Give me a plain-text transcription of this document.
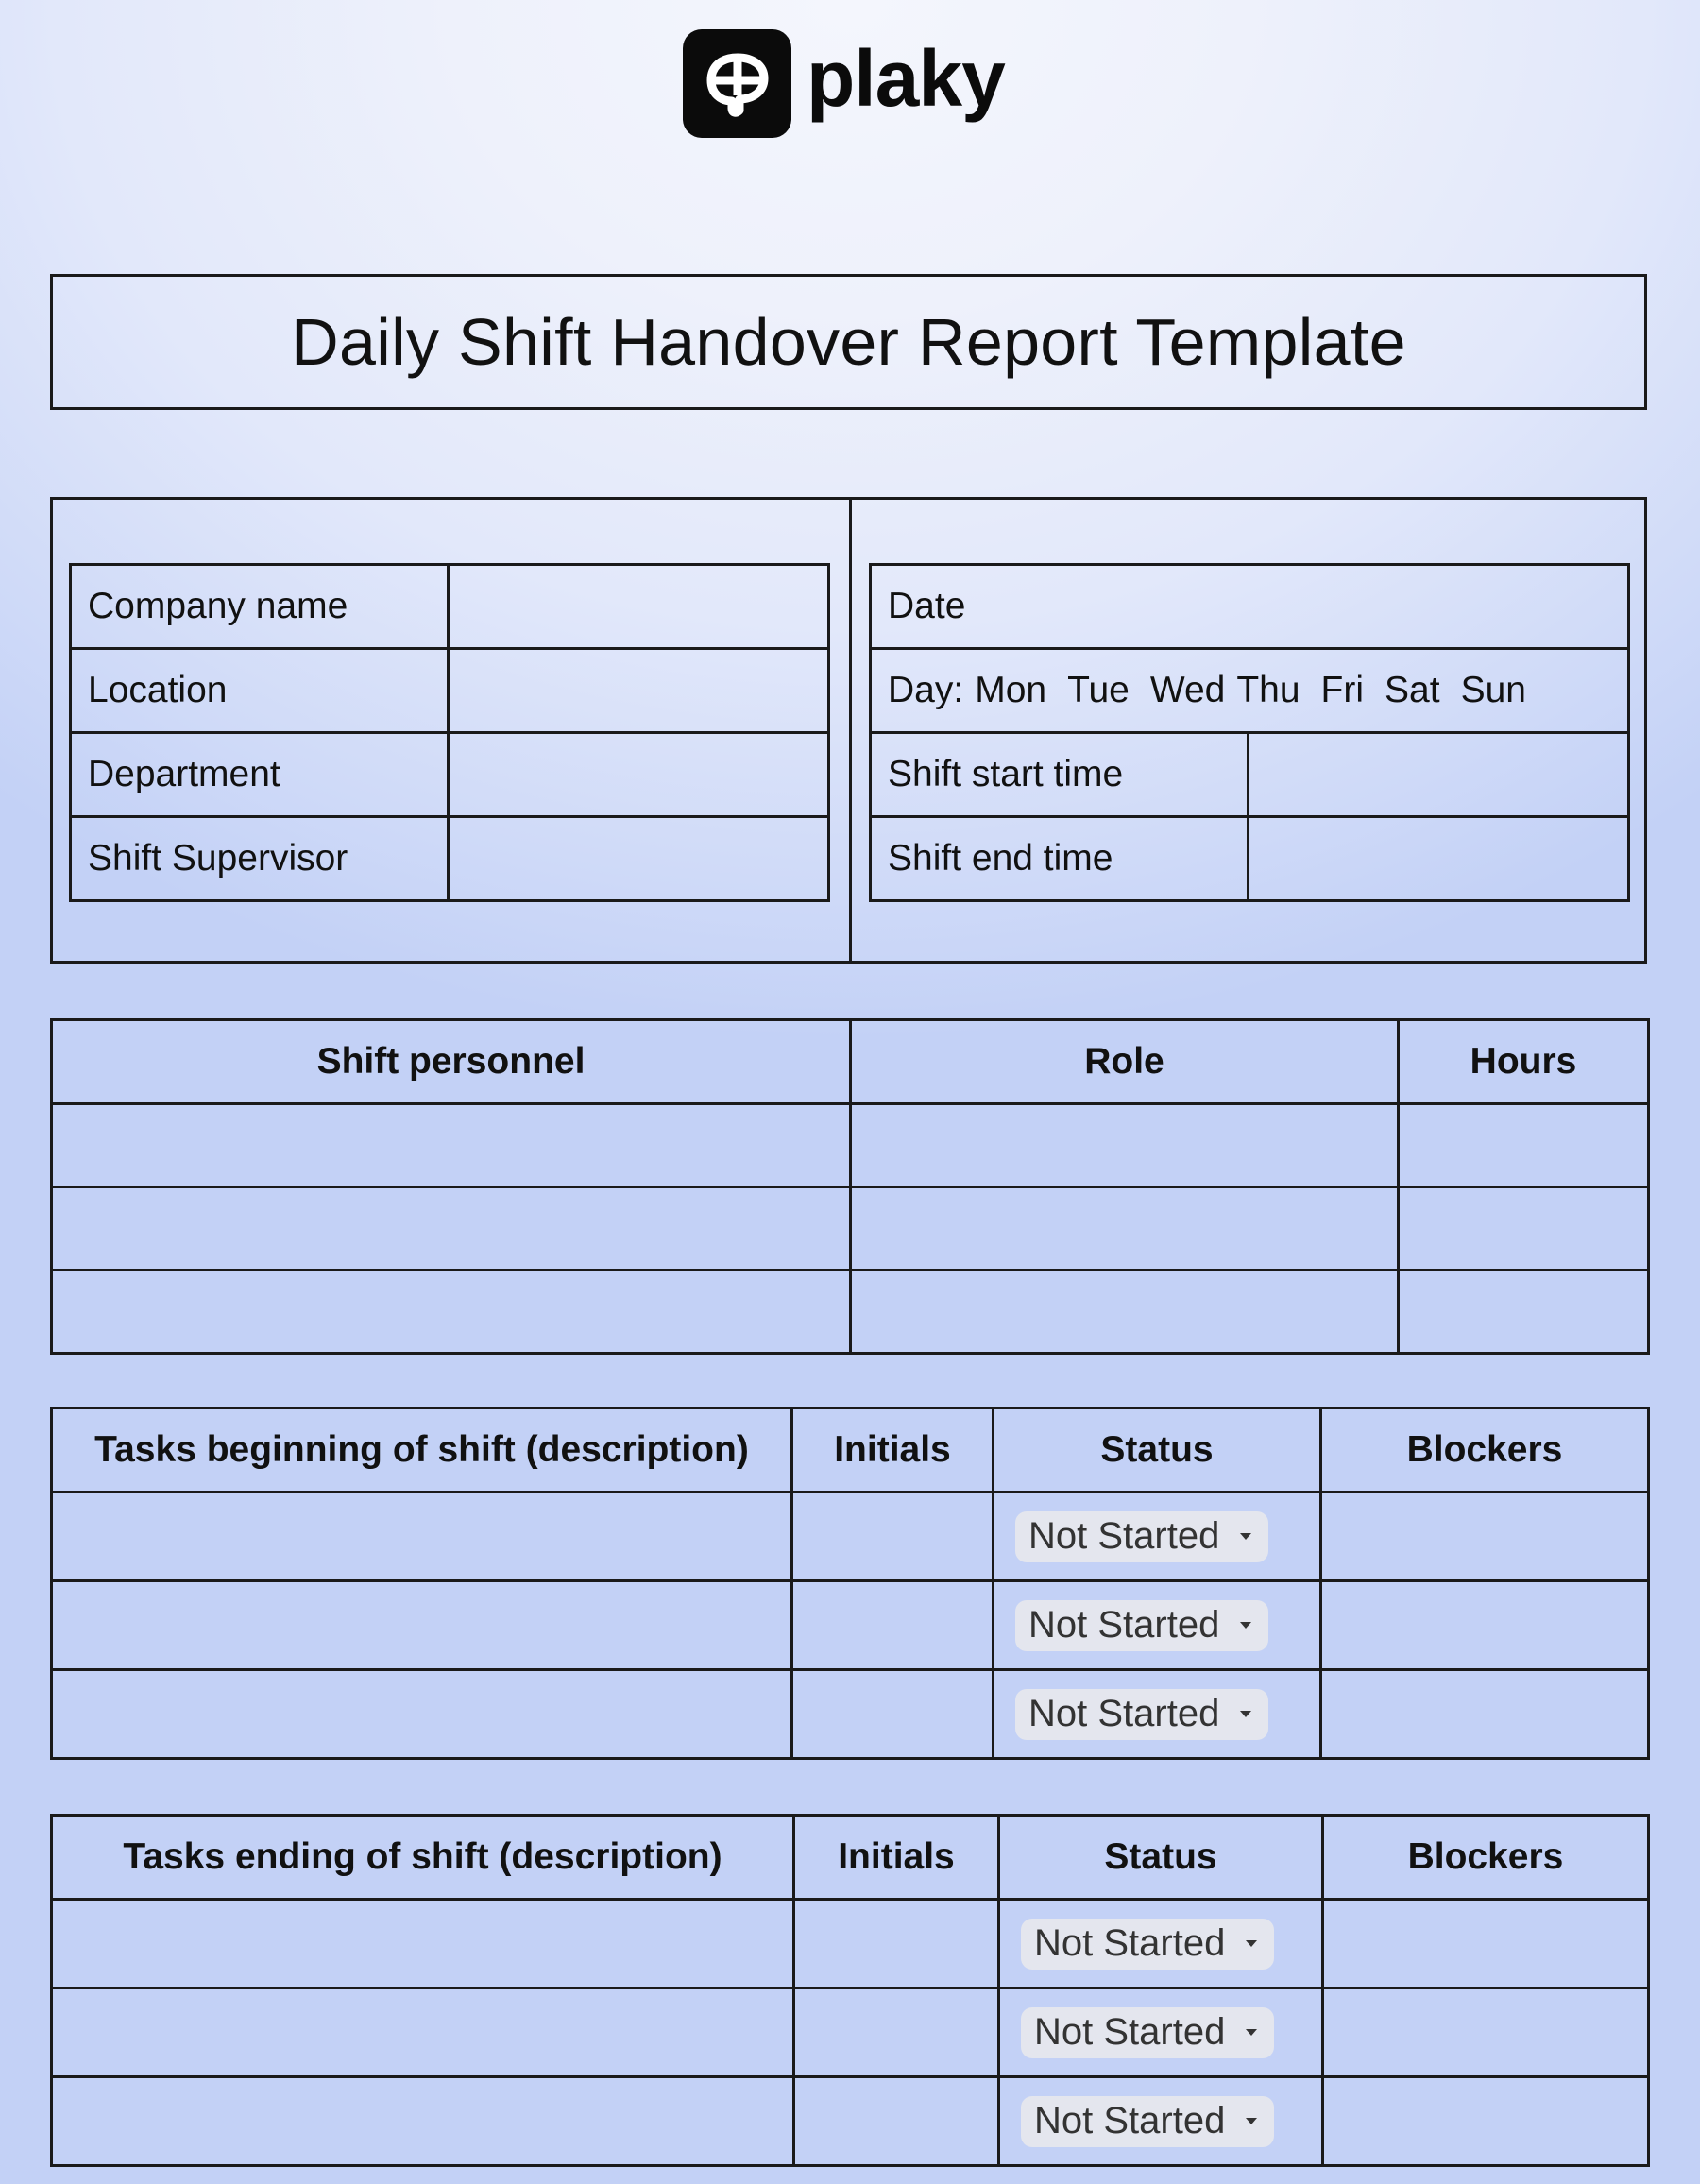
plaky
Daily Shift Handover Report Template
Company name	
Location	
Department	
Shift Supervisor	
Date	
Day: Mon Tue Wed Thu Fri Sat Sun	
Shift start time	
Shift end time	
Shift personnel	Role	Hours

Tasks beginning of shift (description)	Initials	Status	Blockers

		Not Started	

		Not Started	

		Not Started	

Tasks ending of shift (description)	Initials	Status	Blockers

		Not Started	

		Not Started	

		Not Started	
